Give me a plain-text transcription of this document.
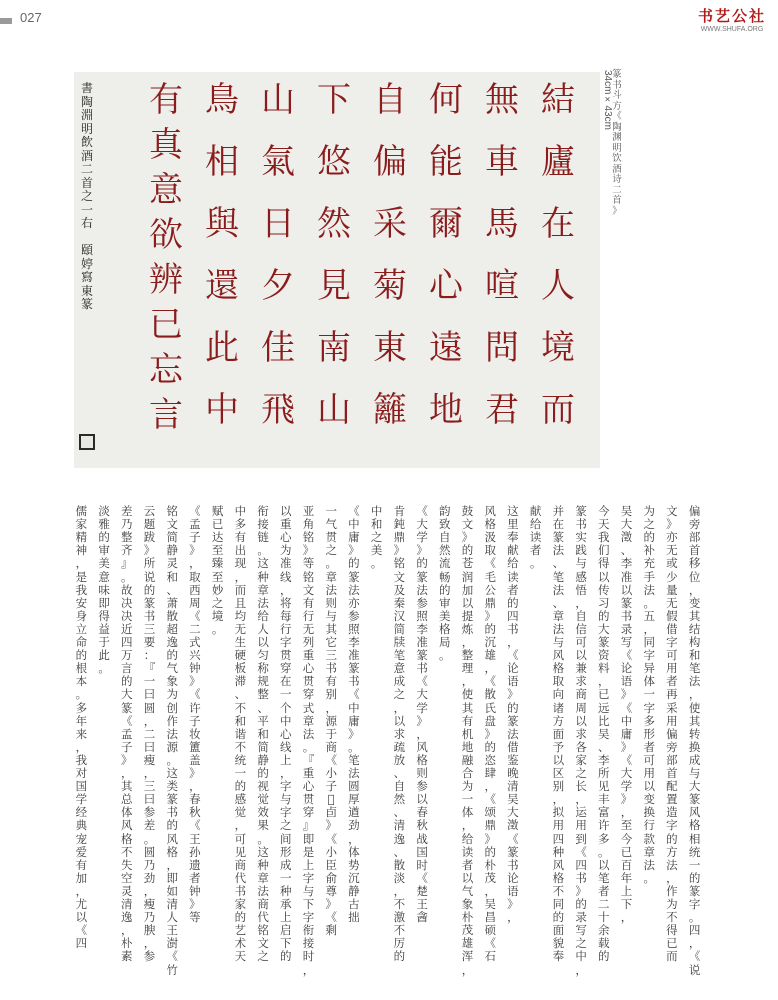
027	书艺公社
WWW.SHUFA.ORG
書
陶
淵
明
飲
酒
二
首
之
一
右
頤
婷
寫
東
篆
結
廬
在
人
境
而
無
車
馬
喧
問
君
何
能
爾
心
遠
地
自
偏
采
菊
東
籬
下
悠
然
見
南
山
山
氣
日
夕
佳
飛
鳥
相
與
還
此
中
有
真
意
欲
辨
已
忘
言
34cm×43cm 篆
书
斗
方
《
陶
渊
明
饮
酒
诗
二
首
》
偏
旁
部
首
移
位
，
变
其
结
构
和
笔
法
，
使
其
转
换
成
与
大
篆
风
格
相
统
一
的
篆
字
。
四
，
《
说
文
》
亦
无
或
少
量
无
假
借
字
可
用
者
再
采
用
偏
旁
部
首
配
置
造
字
的
方
法
，
作
为
不
得
已
而
为
之
的
补
充
手
法
。
五
，
同
字
异
体
一
字
多
形
者
可
用
以
变
换
行
款
章
法
。
吴
大
澂
、
李
准
以
篆
书
录
写
《
论
语
》
《
中
庸
》
《
大
学
》
，
至
今
已
百
年
上
下
，
今
天
我
们
得
以
传
习
的
大
篆
资
料
，
已
远
比
吴
、
李
所
见
丰
富
许
多
。
以
笔
者
二
十
余
载
的
篆
书
实
践
与
感
悟
，
自
信
可
以
兼
求
商
周
以
求
各
家
之
长
，
运
用
到
《
四
书
》
的
录
写
之
中
，
并
在
篆
法
、
笔
法
、
章
法
与
风
格
取
向
诸
方
面
予
以
区
别
，
拟
用
四
种
风
格
不
同
的
面
貌
奉
献
给
读
者
。
这
里
奉
献
给
读
者
的
四
书
，
《
论
语
》
的
篆
法
借
鉴
晚
清
吴
大
澂
《
篆
书
论
语
》
，
风
格
汲
取
《
毛
公
鼎
》
的
沉
雄
，
《
散
氏
盘
》
的
恣
肆
，
《
颂
鼎
》
的
朴
茂
，
吴
昌
硕
《
石
鼓
文
》
的
苍
润
加
以
提
炼
，
整
理
，
使
其
有
机
地
融
合
为
一
体
，
给
读
者
以
气
象
朴
茂
雄
浑
，
韵
致
自
然
流
畅
的
审
美
格
局
。
《
大
学
》
的
篆
法
参
照
李
准
篆
书
《
大
学
》
，
风
格
则
参
以
春
秋
战
国
时
《
楚
王
酓
肯
鈍
鼎
》
铭
文
及
秦
汉
简
牍
笔
意
成
之
，
以
求
疏
放
、
自
然
、
清
逸
、
散
淡
，
不
激
不
厉
的
中
和
之
美
。
《
中
庸
》
的
篆
法
亦
参
照
李
准
篆
书
《
中
庸
》
。
笔
法
圆
厚
遒
劲
，
体
势
沉
静
古
拙
一
气
贯
之
。
章
法
则
与
其
它
三
书
有
别
，
源
于
商
《
小
子
𫑟
卣
》
《
小
臣
俞
尊
》
《
剩
亚
角
铭
》
等
铭
文
有
行
无
列
重
心
贯
穿
式
章
法
。
『
重
心
贯
穿
』
即
是
上
字
与
下
字
衔
接
时
，
以
重
心
为
准
线
，
将
每
行
字
贯
穿
在
一
个
中
心
线
上
，
字
与
字
之
间
形
成
一
种
承
上
启
下
的
衔
接
链
。
这
种
章
法
给
人
以
匀
称
规
整
、
平
和
简
静
的
视
觉
效
果
。
这
种
章
法
商
代
铭
文
之
中
多
有
出
现
，
而
且
均
无
生
硬
板
滞
、
不
和
谐
不
统
一
的
感
觉
，
可
见
商
代
书
家
的
艺
术
天
赋
已
达
至
臻
至
妙
之
境
。
《
孟
子
》
，
取
西
周
《
二
式
兴
钟
》
《
许
子
妆
簠
盖
》
，
春
秋
《
王
孙
遗
者
钟
》
等
铭
文
简
静
灵
和
、
萧
散
超
逸
的
气
象
为
创
作
法
源
。
这
类
篆
书
的
风
格
，
即
如
清
人
王
澍
《
竹
云
题
跋
》
所
说
的
篆
书
三
要
：
『
一
曰
圆
，
二
曰
瘦
，
三
曰
参
差
。
圆
乃
劲
，
瘦
乃
腴
，
参
差
乃
整
齐
』
。
故
决
决
近
四
万
言
的
大
篆
《
孟
子
》
，
其
总
体
风
格
不
失
空
灵
清
逸
，
朴
素
淡
雅
的
审
美
意
味
即
得
益
于
此
。
儒
家
精
神
，
是
我
安
身
立
命
的
根
本
。
多
年
来
，
我
对
国
学
经
典
宠
爱
有
加
，
尤
以
《
四
